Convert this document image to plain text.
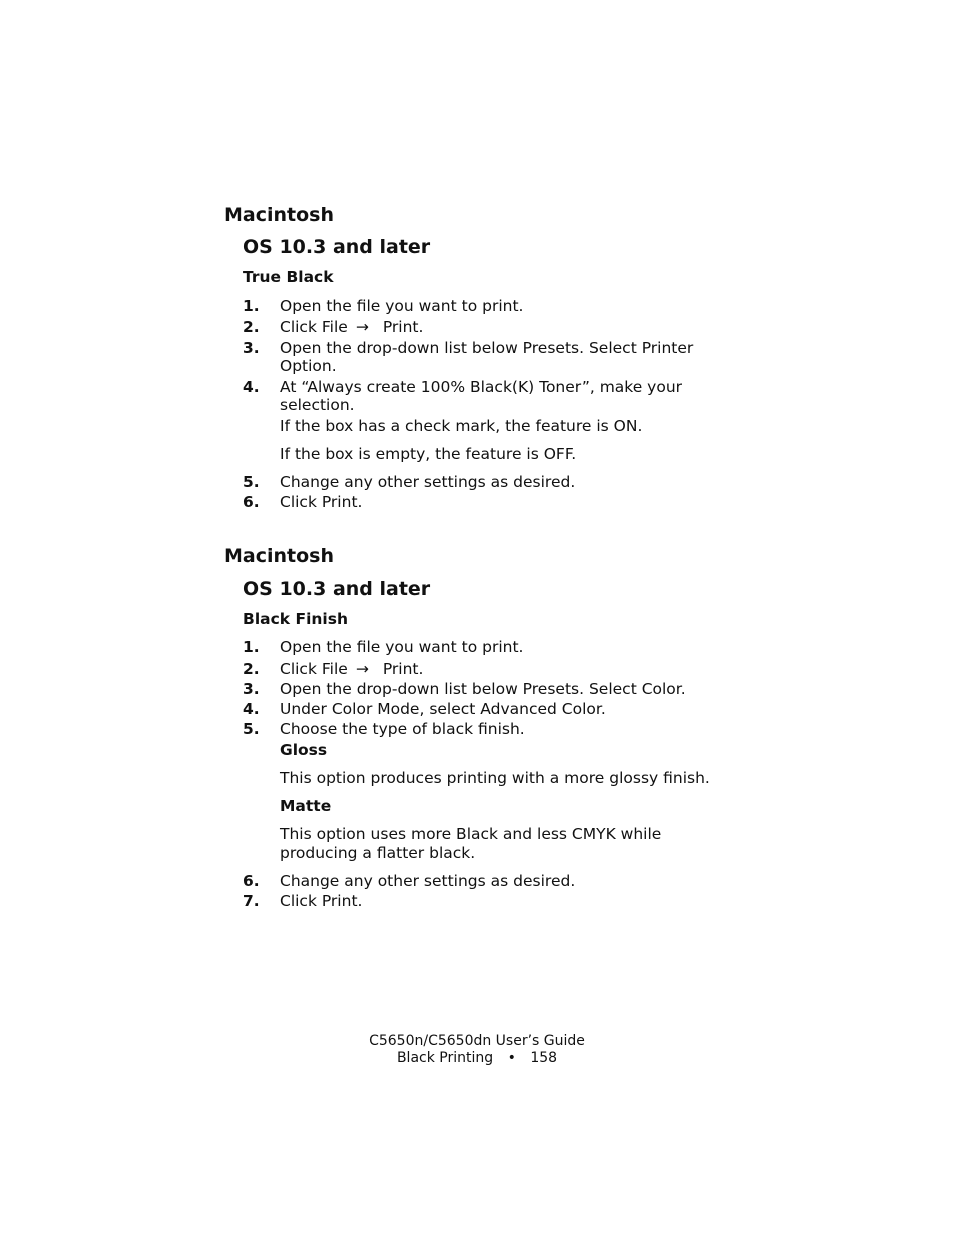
Macintosh
OS 10.3 and later
True Black
1. Open the file you want to print.
2. Click File → Print.
3. Open the drop-down list below Presets. Select Printer
Option.
4. At “Always create 100% Black(K) Toner”, make your
selection.
If the box has a check mark, the feature is ON.
If the box is empty, the feature is OFF.
5. Change any other settings as desired.
6. Click Print.
Macintosh
OS 10.3 and later
Black Finish
1. Open the file you want to print.
2. Click File → Print.
3. Open the drop-down list below Presets. Select Color.
4. Under Color Mode, select Advanced Color.
5. Choose the type of black finish.
Gloss
This option produces printing with a more glossy finish.
Matte
This option uses more Black and less CMYK while
producing a flatter black.
6. Change any other settings as desired.
7. Click Print.
C5650n/C5650dn User’s Guide
Black Printing • 158
